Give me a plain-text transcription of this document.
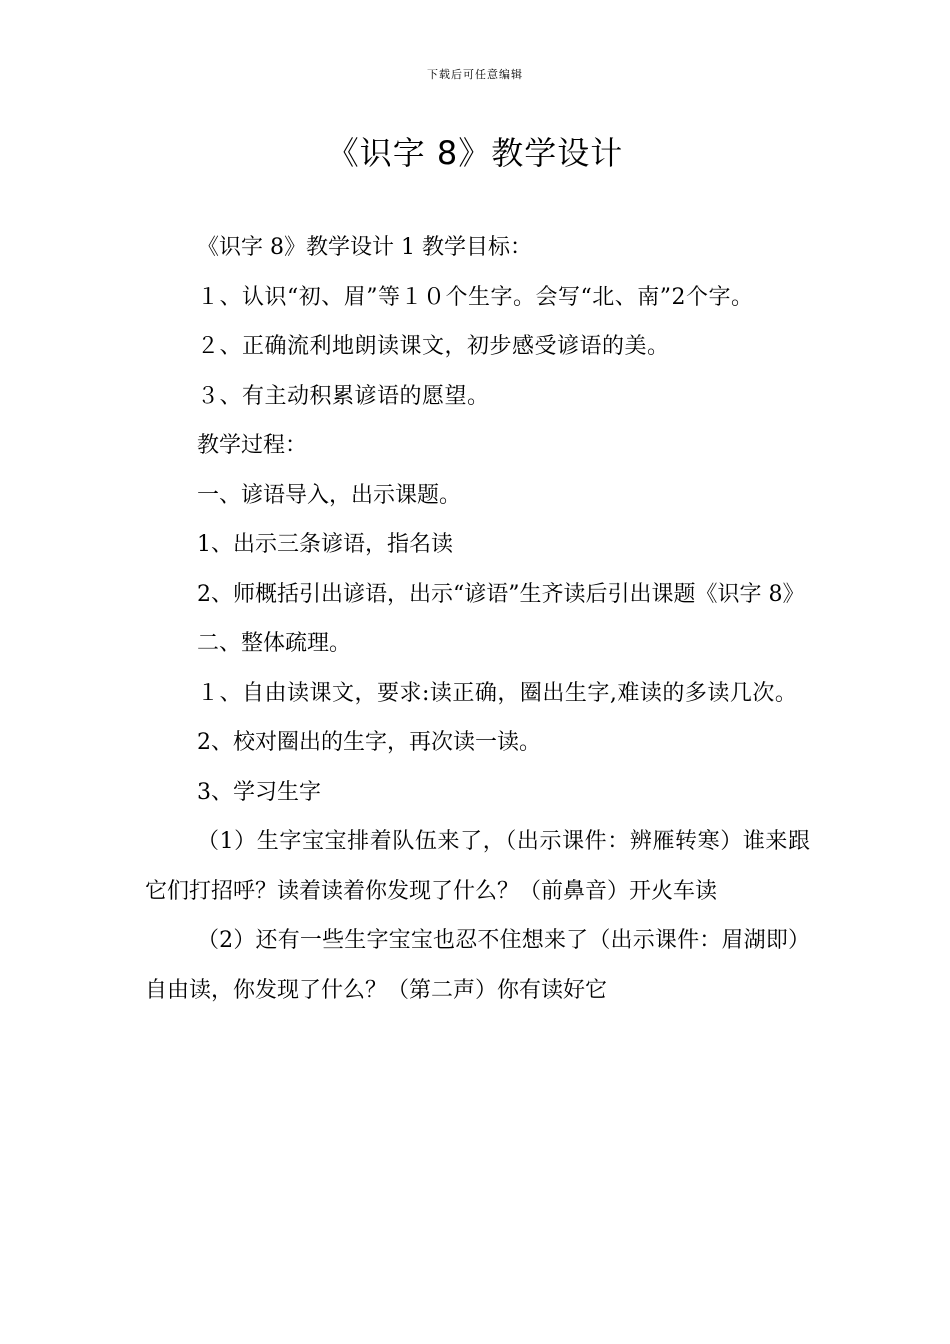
下载后可任意编辑
《识字 8》教学设计

《识字 8》教学设计 1 教学目标：

１、认识“初、眉”等１０个生字。会写“北、南”2个字。

２、正确流利地朗读课文，初步感受谚语的美。

３、有主动积累谚语的愿望。

教学过程：

一、谚语导入，出示课题。

1、出示三条谚语，指名读

2、师概括引出谚语，出示“谚语”生齐读后引出课题《识字 8》

二、整体疏理。

１、自由读课文，要求:读正确，圈出生字,难读的多读几次。

2、校对圈出的生字，再次读一读。

3、学习生字

（1）生字宝宝排着队伍来了，（出示课件：辨雁转寒）谁来跟它们打招呼？读着读着你发现了什么？（前鼻音）开火车读

（2）还有一些生字宝宝也忍不住想来了（出示课件：眉湖即）自由读，你发现了什么？（第二声）你有读好它
